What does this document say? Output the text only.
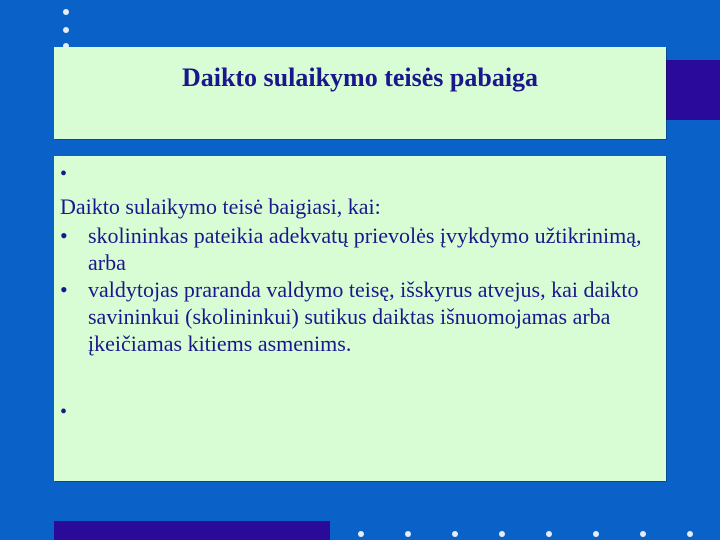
Daikto sulaikymo teisės pabaiga
•
Daikto sulaikymo teisė baigiasi, kai:
• skolininkas pateikia adekvatų prievolės įvykdymo užtikrinimą, arba
• valdytojas praranda valdymo teisę, išskyrus atvejus, kai daikto savininkui (skolininkui) sutikus daiktas išnuomojamas arba įkeičiamas kitiems asmenims.
•
